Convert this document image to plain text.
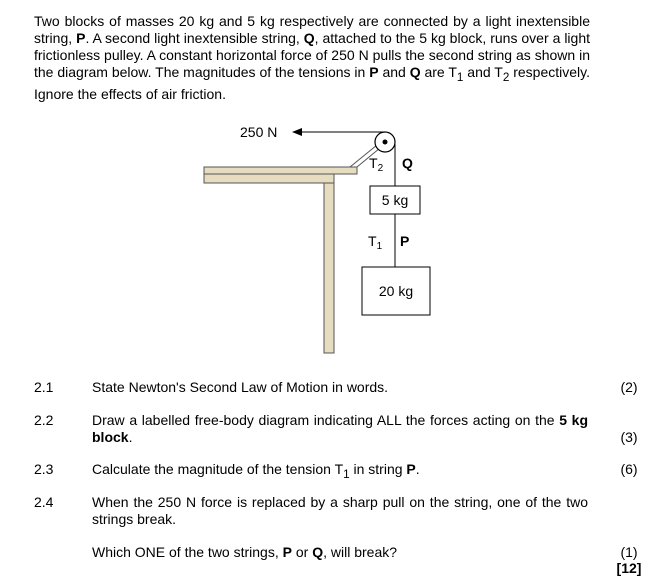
Two blocks of masses 20 kg and 5 kg respectively are connected by a light inextensible string, P. A second light inextensible string, Q, attached to the 5 kg block, runs over a light frictionless pulley. A constant horizontal force of 250 N pulls the second string as shown in the diagram below. The magnitudes of the tensions in P and Q are $T_1$ and $T_2$ respectively. Ignore the effects of air friction.

250 N
$T_2$ Q
5 kg
$T_1$ P
20 kg
2.1	State Newton's Second Law of Motion in words.	(2)
2.2	Draw a labelled free-body diagram indicating ALL the forces acting on the 5 kg block.	(3)
2.3	Calculate the magnitude of the tension $T_1$ in string P.	(6)
2.4	When the 250 N force is replaced by a sharp pull on the string, one of the two strings break.
Which ONE of the two strings, P or Q, will break?	(1)
[12]
